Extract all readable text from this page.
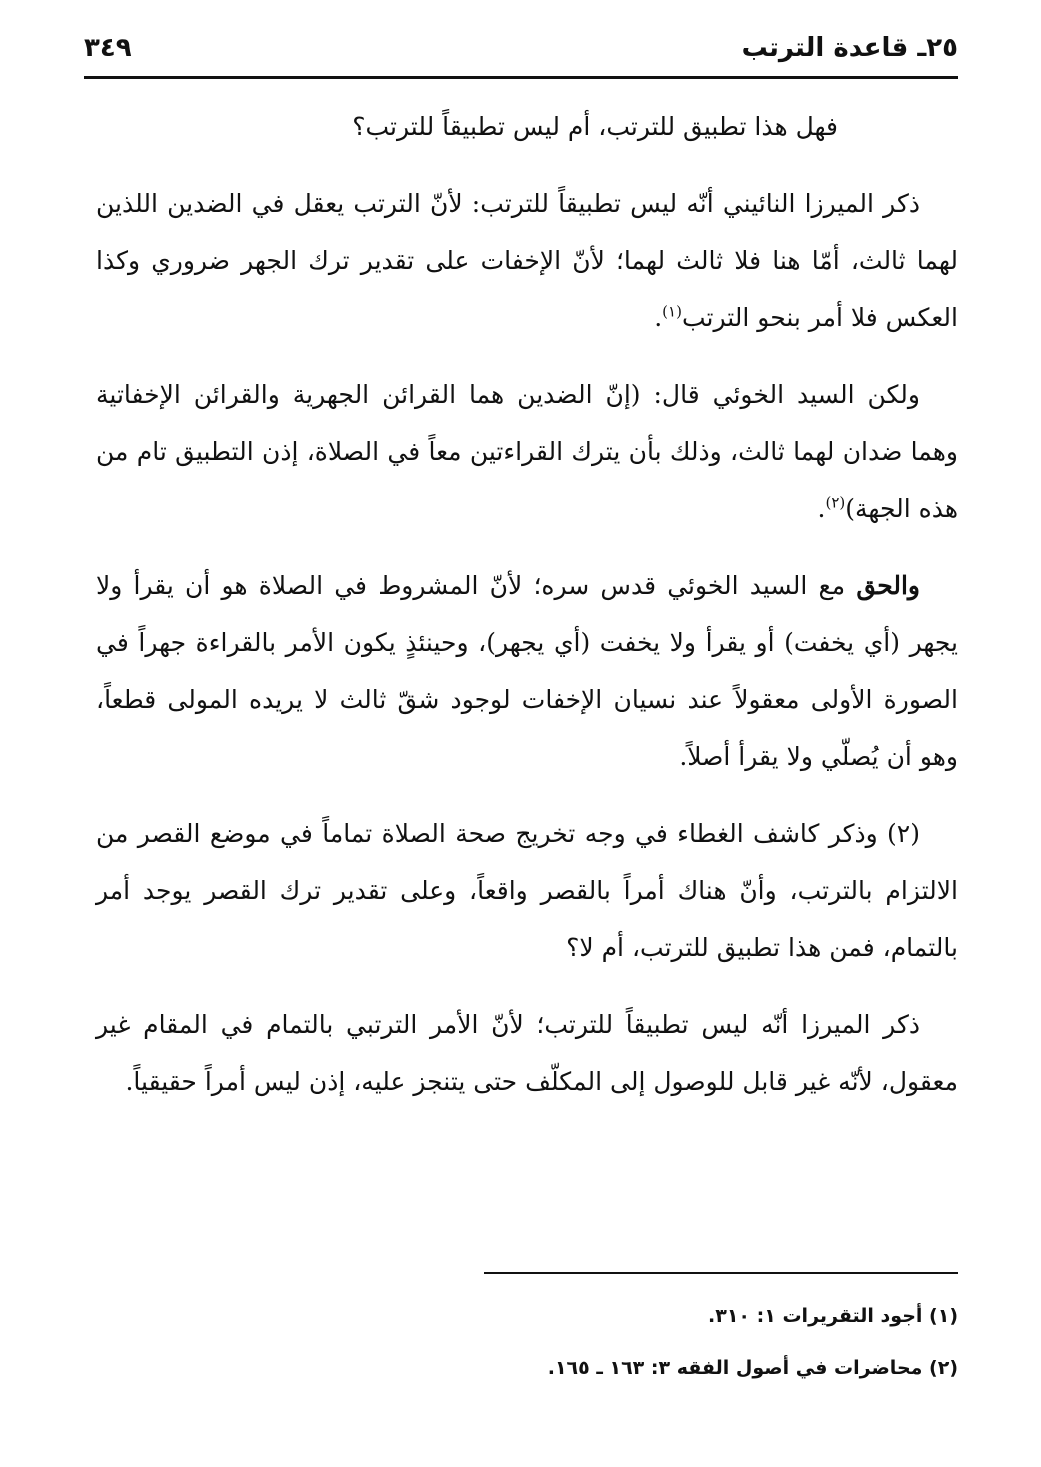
٢٥ـ قاعدة الترتب
٣٤٩

فهل هذا تطبيق للترتب، أم ليس تطبيقاً للترتب؟

ذكر الميرزا النائيني أنّه ليس تطبيقاً للترتب: لأنّ الترتب يعقل في الضدين اللذين لهما ثالث، أمّا هنا فلا ثالث لهما؛ لأنّ الإخفات على تقدير ترك الجهر ضروري وكذا العكس فلا أمر بنحو الترتب$^{(١)}$.

ولكن السيد الخوئي قال: (إنّ الضدين هما القرائن الجهرية والقرائن الإخفاتية وهما ضدان لهما ثالث، وذلك بأن يترك القراءتين معاً في الصلاة، إذن التطبيق تام من هذه الجهة)$^{(٢)}$.

والحق مع السيد الخوئي قدس سره؛ لأنّ المشروط في الصلاة هو أن يقرأ ولا يجهر (أي يخفت) أو يقرأ ولا يخفت (أي يجهر)، وحينئذٍ يكون الأمر بالقراءة جهراً في الصورة الأولى معقولاً عند نسيان الإخفات لوجود شقّ ثالث لا يريده المولى قطعاً، وهو أن يُصلّي ولا يقرأ أصلاً.

(٢) وذكر كاشف الغطاء في وجه تخريج صحة الصلاة تماماً في موضع القصر من الالتزام بالترتب، وأنّ هناك أمراً بالقصر واقعاً، وعلى تقدير ترك القصر يوجد أمر بالتمام، فمن هذا تطبيق للترتب، أم لا؟

ذكر الميرزا أنّه ليس تطبيقاً للترتب؛ لأنّ الأمر الترتبي بالتمام في المقام غير معقول، لأنّه غير قابل للوصول إلى المكلّف حتى يتنجز عليه، إذن ليس أمراً حقيقياً.

(١) أجود التقريرات ١: ٣١٠.

(٢) محاضرات في أصول الفقه ٣: ١٦٣ ـ ١٦٥.
